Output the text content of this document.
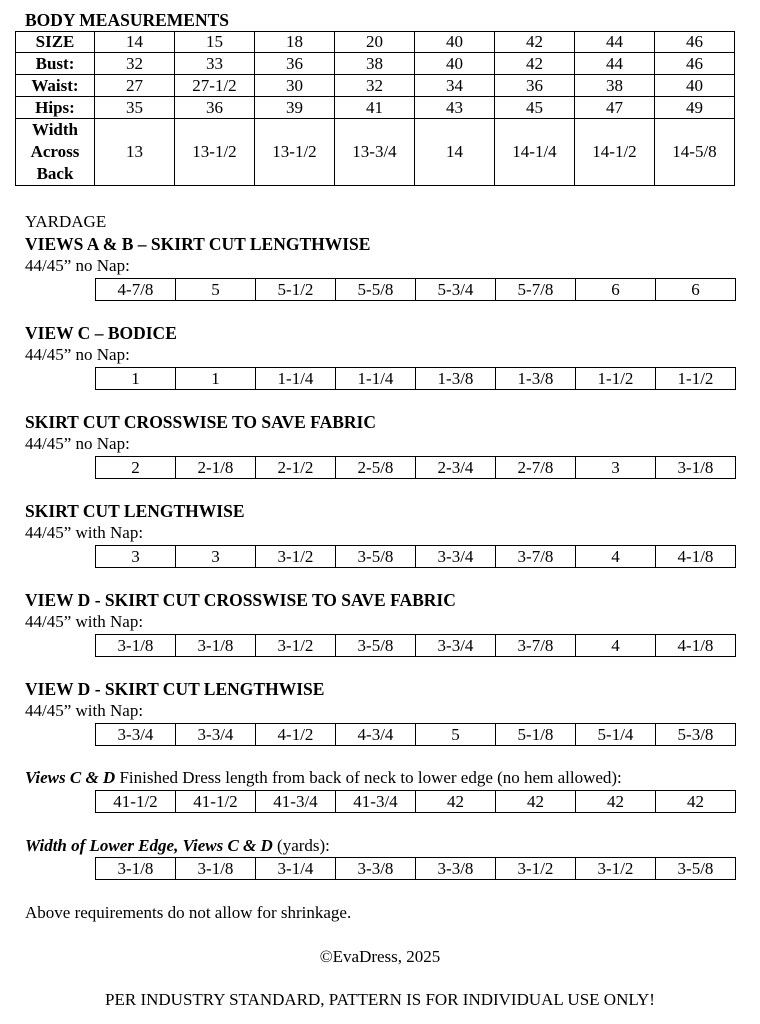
BODY MEASUREMENTS
SIZE	14	15	18	20	40	42	44	46
Bust:	32	33	36	38	40	42	44	46
Waist:	27	27-1/2	30	32	34	36	38	40
Hips:	35	36	39	41	43	45	47	49
Width Across Back	13	13-1/2	13-1/2	13-3/4	14	14-1/4	14-1/2	14-5/8
YARDAGE
VIEWS A & B – SKIRT CUT LENGTHWISE
44/45” no Nap:
4-7/8	5	5-1/2	5-5/8	5-3/4	5-7/8	6	6
VIEW C – BODICE
44/45” no Nap:
1	1	1-1/4	1-1/4	1-3/8	1-3/8	1-1/2	1-1/2
SKIRT CUT CROSSWISE TO SAVE FABRIC
44/45” no Nap:
2	2-1/8	2-1/2	2-5/8	2-3/4	2-7/8	3	3-1/8
SKIRT CUT LENGTHWISE
44/45” with Nap:
3	3	3-1/2	3-5/8	3-3/4	3-7/8	4	4-1/8
VIEW D - SKIRT CUT CROSSWISE TO SAVE FABRIC
44/45” with Nap:
3-1/8	3-1/8	3-1/2	3-5/8	3-3/4	3-7/8	4	4-1/8
VIEW D - SKIRT CUT LENGTHWISE
44/45” with Nap:
3-3/4	3-3/4	4-1/2	4-3/4	5	5-1/8	5-1/4	5-3/8
Views C & D Finished Dress length from back of neck to lower edge (no hem allowed):
41-1/2	41-1/2	41-3/4	41-3/4	42	42	42	42
Width of Lower Edge, Views C & D (yards):
3-1/8	3-1/8	3-1/4	3-3/8	3-3/8	3-1/2	3-1/2	3-5/8
Above requirements do not allow for shrinkage.
©EvaDress, 2025
PER INDUSTRY STANDARD, PATTERN IS FOR INDIVIDUAL USE ONLY!
